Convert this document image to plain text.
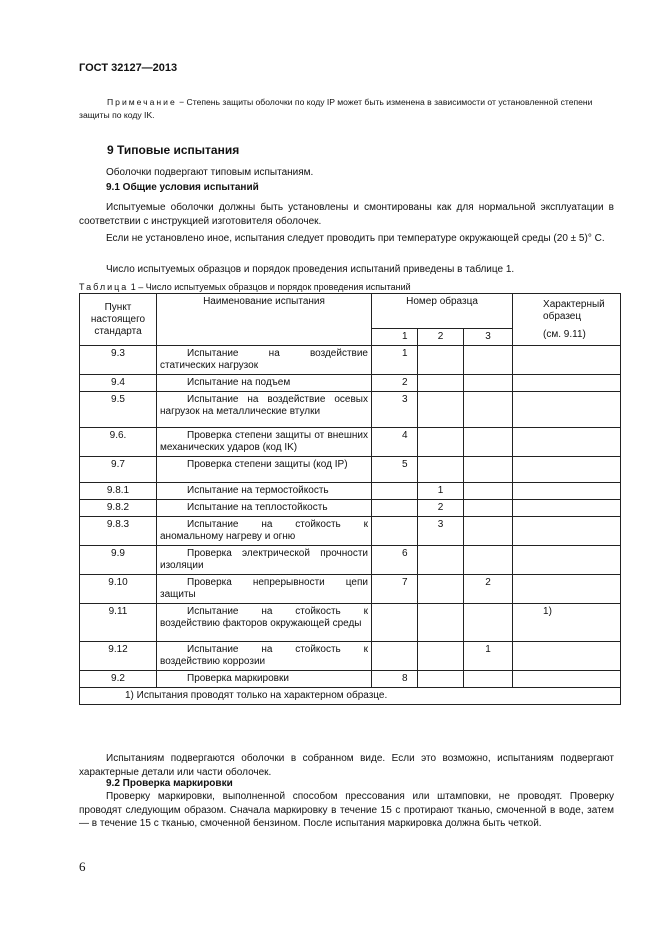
ГОСТ 32127—2013
Примечание − Степень защиты оболочки по коду IP может быть изменена в зависимости от установленной степени защиты по коду IK.
9 Типовые испытания
Оболочки подвергают типовым испытаниям.
9.1 Общие условия испытаний
Испытуемые оболочки должны быть установлены и смонтированы как для нормальной эксплуатации в соответствии с инструкцией изготовителя оболочек.
Если не установлено иное, испытания следует проводить при температуре окружающей среды (20 ± 5)° С.
Число испытуемых образцов и порядок проведения испытаний приведены в таблице 1.
Таблица 1 – Число испытуемых образцов и порядок проведения испытаний
Пункт настоящего стандарта	Наименование испытания	Номер образца			Характерный образец
(см. 9.11)

		1	2	3	
9.3	Испытание на воздействие статических нагрузок	1			
9.4	Испытание на подъем	2			
9.5	Испытание на воздействие осевых нагрузок на металлические втулки	3			
9.6.	Проверка степени защиты от внешних механических ударов (код IK)	4			
9.7	Проверка степени защиты (код IP)	5			
9.8.1	Испытание на термостойкость		1		
9.8.2	Испытание на теплостойкость		2		
9.8.3	Испытание на стойкость к аномальному нагреву и огню		3		
9.9	Проверка электрической прочности изоляции	6			
9.10	Проверка непрерывности цепи защиты	7		2	
9.11	Испытание на стойкость к воздействию факторов окружающей среды				1)
9.12	Испытание на стойкость к воздействию коррозии			1	
9.2	Проверка маркировки	8			
1) Испытания проводят только на характерном образце.					
Испытаниям подвергаются оболочки в собранном виде. Если это возможно, испытаниям подвергают характерные детали или части оболочек.
9.2 Проверка маркировки
Проверку маркировки, выполненной способом прессования или штамповки, не проводят. Проверку проводят следующим образом. Сначала маркировку в течение 15 с протирают тканью, смоченной в воде, затем — в течение 15 с тканью, смоченной бензином. После испытания маркировка должна быть четкой.
6
